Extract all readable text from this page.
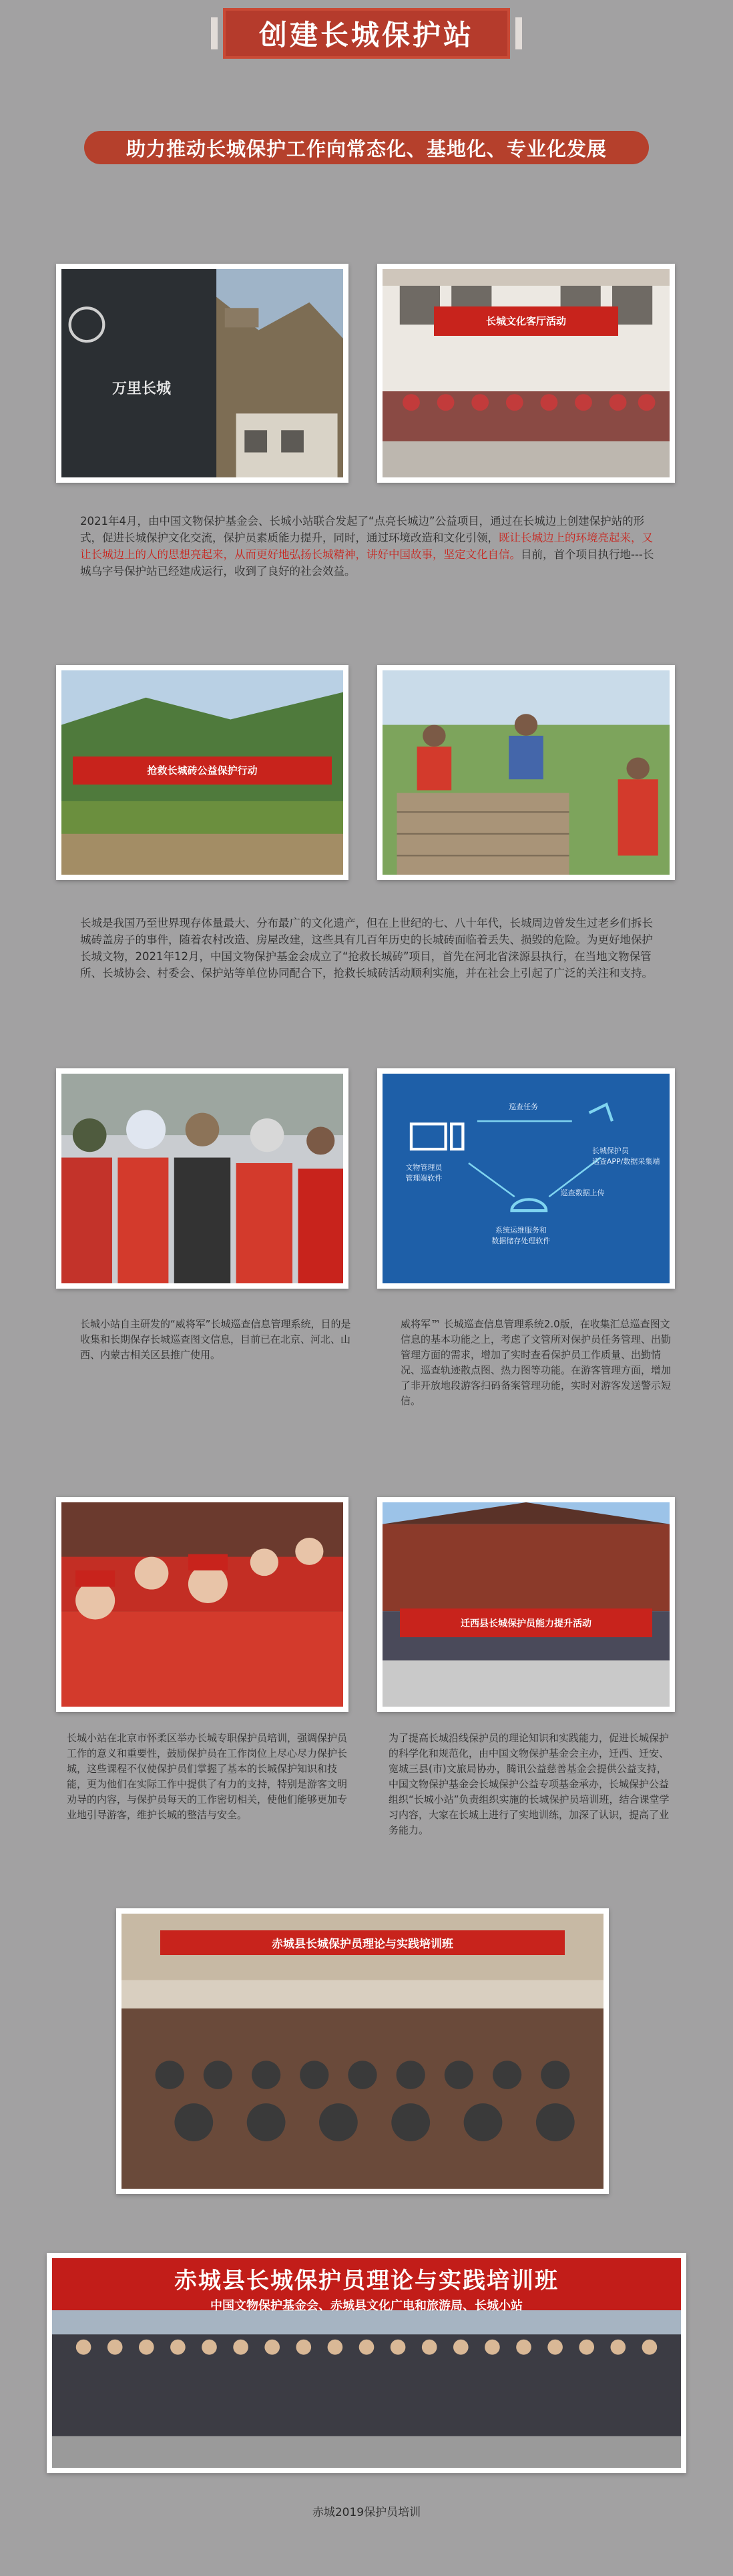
创建长城保护站
助力推动长城保护工作向常态化、基地化、专业化发展
万里长城
长城文化客厅活动
2021年4月，由中国文物保护基金会、长城小站联合发起了“点亮长城边”公益项目，通过在长城边上创建保护站的形式，促进长城保护文化交流，保护员素质能力提升，同时，通过环境改造和文化引领，既让长城边上的环境亮起来，又让长城边上的人的思想亮起来，从而更好地弘扬长城精神，讲好中国故事，坚定文化自信。目前，首个项目执行地---长城乌字号保护站已经建成运行，收到了良好的社会效益。
抢救长城砖公益保护行动
长城是我国乃至世界现存体量最大、分布最广的文化遗产，但在上世纪的七、八十年代，长城周边曾发生过老乡们拆长城砖盖房子的事件，随着农村改造、房屋改建，这些具有几百年历史的长城砖面临着丢失、损毁的危险。为更好地保护长城文物，2021年12月，中国文物保护基金会成立了“抢救长城砖”项目，首先在河北省涞源县执行，在当地文物保管所、长城协会、村委会、保护站等单位协同配合下，抢救长城砖活动顺利实施，并在社会上引起了广泛的关注和支持。
文物管理员
管理端软件
长城保护员
巡查APP/数据采集端
系统运维服务和
数据储存处理软件
巡查任务
巡查数据上传
长城小站自主研发的“威将军”长城巡查信息管理系统，目的是收集和长期保存长城巡查图文信息，目前已在北京、河北、山西、内蒙古相关区县推广使用。
威将军™ 长城巡查信息管理系统2.0版，在收集汇总巡查图文信息的基本功能之上，考虑了文管所对保护员任务管理、出勤管理方面的需求，增加了实时查看保护员工作质量、出勤情况、巡查轨迹散点图、热力图等功能。在游客管理方面，增加了非开放地段游客扫码备案管理功能，实时对游客发送警示短信。
迁西县长城保护员能力提升活动
长城小站在北京市怀柔区举办长城专职保护员培训，强调保护员工作的意义和重要性，鼓励保护员在工作岗位上尽心尽力保护长城，这些课程不仅使保护员们掌握了基本的长城保护知识和技能，更为他们在实际工作中提供了有力的支持，特别是游客文明劝导的内容，与保护员每天的工作密切相关，使他们能够更加专业地引导游客，维护长城的整洁与安全。
为了提高长城沿线保护员的理论知识和实践能力，促进长城保护的科学化和规范化，由中国文物保护基金会主办，迁西、迁安、宽城三县(市)文旅局协办，腾讯公益慈善基金会提供公益支持，中国文物保护基金会长城保护公益专项基金承办，长城保护公益组织“长城小站”负责组织实施的长城保护员培训班，结合课堂学习内容，大家在长城上进行了实地训练，加深了认识，提高了业务能力。
赤城县长城保护员理论与实践培训班
赤城县长城保护员理论与实践培训班
中国文物保护基金会、赤城县文化广电和旅游局、长城小站
赤城2019保护员培训
